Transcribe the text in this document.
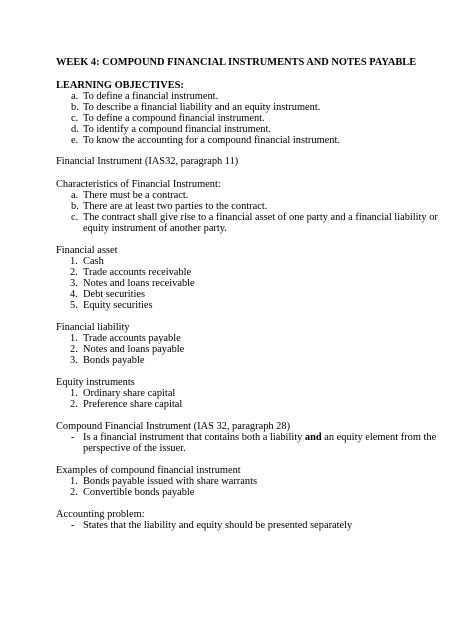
WEEK 4: COMPOUND FINANCIAL INSTRUMENTS AND NOTES PAYABLE
LEARNING OBJECTIVES:
a. To define a financial instrument.
b. To describe a financial liability and an equity instrument.
c. To define a compound financial instrument.
d. To identify a compound financial instrument.
e. To know the accounting for a compound financial instrument.
Financial Instrument (IAS32, paragraph 11)
Characteristics of Financial Instrument:
a. There must be a contract.
b. There are at least two parties to the contract.
c. The contract shall give rise to a financial asset of one party and a financial liability or
equity instrument of another party.
Financial asset
1. Cash
2. Trade accounts receivable
3. Notes and loans receivable
4. Debt securities
5. Equity securities
Financial liability
1. Trade accounts payable
2. Notes and loans payable
3. Bonds payable
Equity instruments
1. Ordinary share capital
2. Preference share capital
Compound Financial Instrument (IAS 32, paragraph 28)
- Is a financial instrument that contains both a liability and an equity element from the
perspective of the issuer.
Examples of compound financial instrument
1. Bonds payable issued with share warrants
2. Convertible bonds payable
Accounting problem:
- States that the liability and equity should be presented separately
